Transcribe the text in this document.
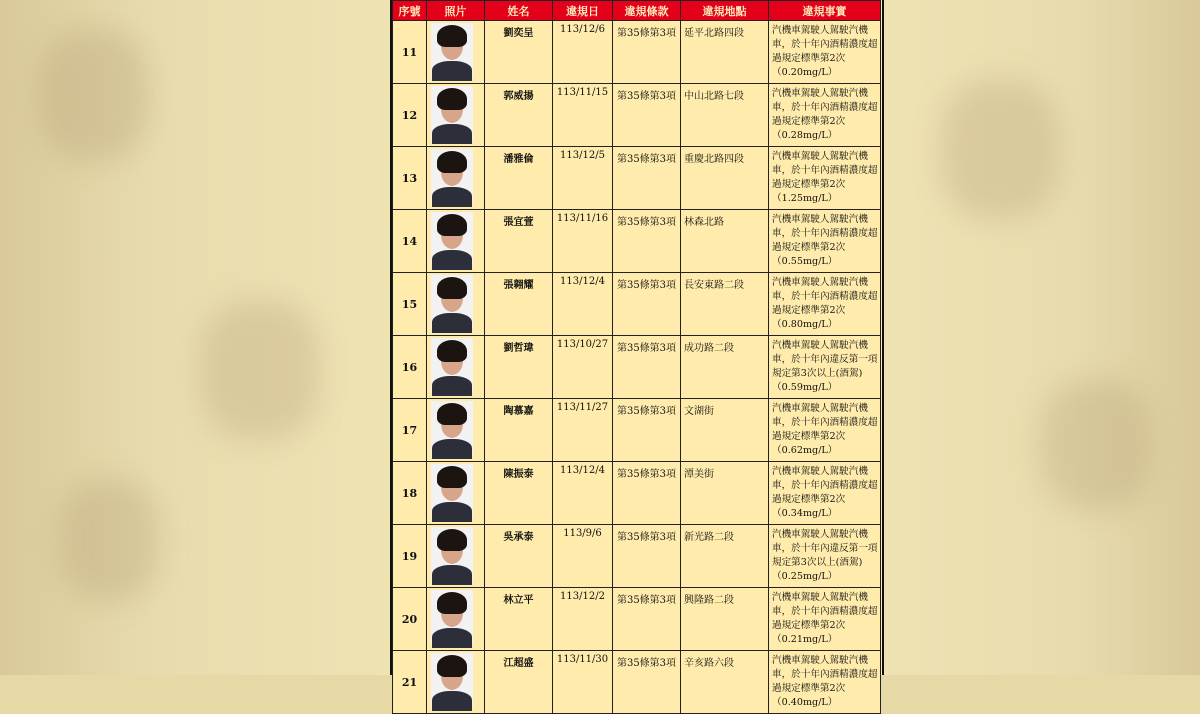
序號	照片	姓名	違規日	違規條款	違規地點	違規事實
11		劉奕呈	113/12/6	第35條第3項	延平北路四段	汽機車駕駛人駕駛汽機車，於十年內酒精濃度超過規定標準第2次（0.20mg/L）
12		郭威揚	113/11/15	第35條第3項	中山北路七段	汽機車駕駛人駕駛汽機車，於十年內酒精濃度超過規定標準第2次（0.28mg/L）
13		潘雅倫	113/12/5	第35條第3項	重慶北路四段	汽機車駕駛人駕駛汽機車，於十年內酒精濃度超過規定標準第2次（1.25mg/L）
14		張宜萱	113/11/16	第35條第3項	林森北路	汽機車駕駛人駕駛汽機車，於十年內酒精濃度超過規定標準第2次（0.55mg/L）
15		張翱耀	113/12/4	第35條第3項	長安東路二段	汽機車駕駛人駕駛汽機車，於十年內酒精濃度超過規定標準第2次（0.80mg/L）
16		劉哲瑋	113/10/27	第35條第3項	成功路二段	汽機車駕駛人駕駛汽機車，於十年內違反第一項規定第3次以上(酒駕)（0.59mg/L）
17		陶慕嘉	113/11/27	第35條第3項	文湖街	汽機車駕駛人駕駛汽機車，於十年內酒精濃度超過規定標準第2次（0.62mg/L）
18		陳振泰	113/12/4	第35條第3項	潭美街	汽機車駕駛人駕駛汽機車，於十年內酒精濃度超過規定標準第2次（0.34mg/L）
19		吳承泰	113/9/6	第35條第3項	新光路二段	汽機車駕駛人駕駛汽機車，於十年內違反第一項規定第3次以上(酒駕)（0.25mg/L）
20		林立平	113/12/2	第35條第3項	興隆路二段	汽機車駕駛人駕駛汽機車，於十年內酒精濃度超過規定標準第2次（0.21mg/L）
21		江超盛	113/11/30	第35條第3項	辛亥路六段	汽機車駕駛人駕駛汽機車，於十年內酒精濃度超過規定標準第2次（0.40mg/L）
